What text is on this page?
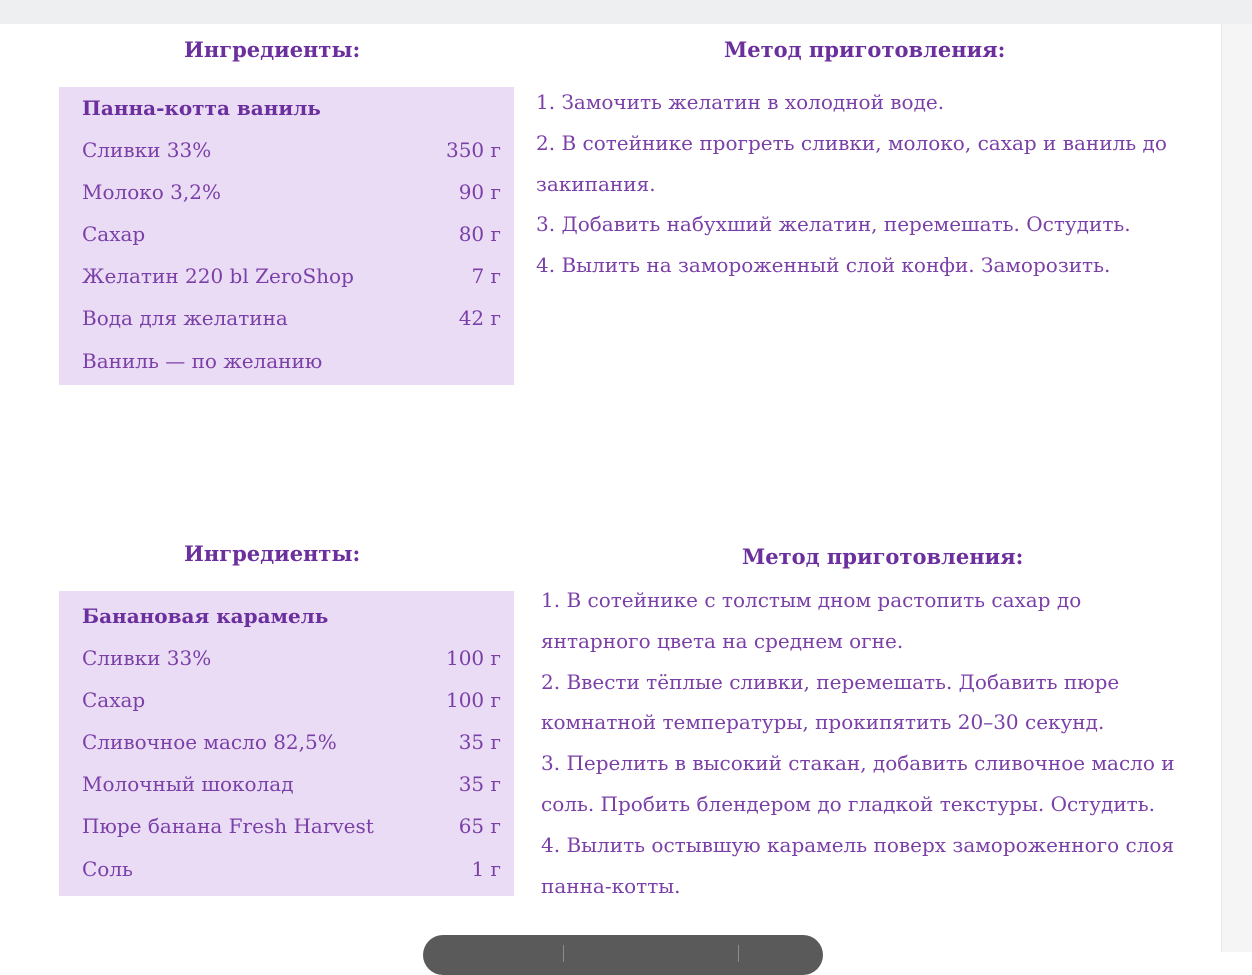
Ингредиенты:	Метод приготовления:
Панна-котта ваниль
Сливки 33%	350 г
Молоко 3,2%	90 г
Сахар	80 г
Желатин 220 bl ZeroShop	7 г
Вода для желатина	42 г
Ваниль — по желанию

1. Замочить желатин в холодной воде.

2. В сотейнике прогреть сливки, молоко, сахар и ваниль до закипания.

3. Добавить набухший желатин, перемешать. Остудить.

4. Вылить на замороженный слой конфи. Заморозить.

Ингредиенты:	Метод приготовления:
Банановая карамель
Сливки 33%	100 г
Сахар	100 г
Сливочное масло 82,5%	35 г
Молочный шоколад	35 г
Пюре банана Fresh Harvest	65 г
Соль	1 г

1. В сотейнике с толстым дном растопить сахар до янтарного цвета на среднем огне.

2. Ввести тёплые сливки, перемешать. Добавить пюре комнатной температуры, прокипятить 20–30 секунд.

3. Перелить в высокий стакан, добавить сливочное масло и соль. Пробить блендером до гладкой текстуры. Остудить.

4. Вылить остывшую карамель поверх замороженного слоя панна-котты.
